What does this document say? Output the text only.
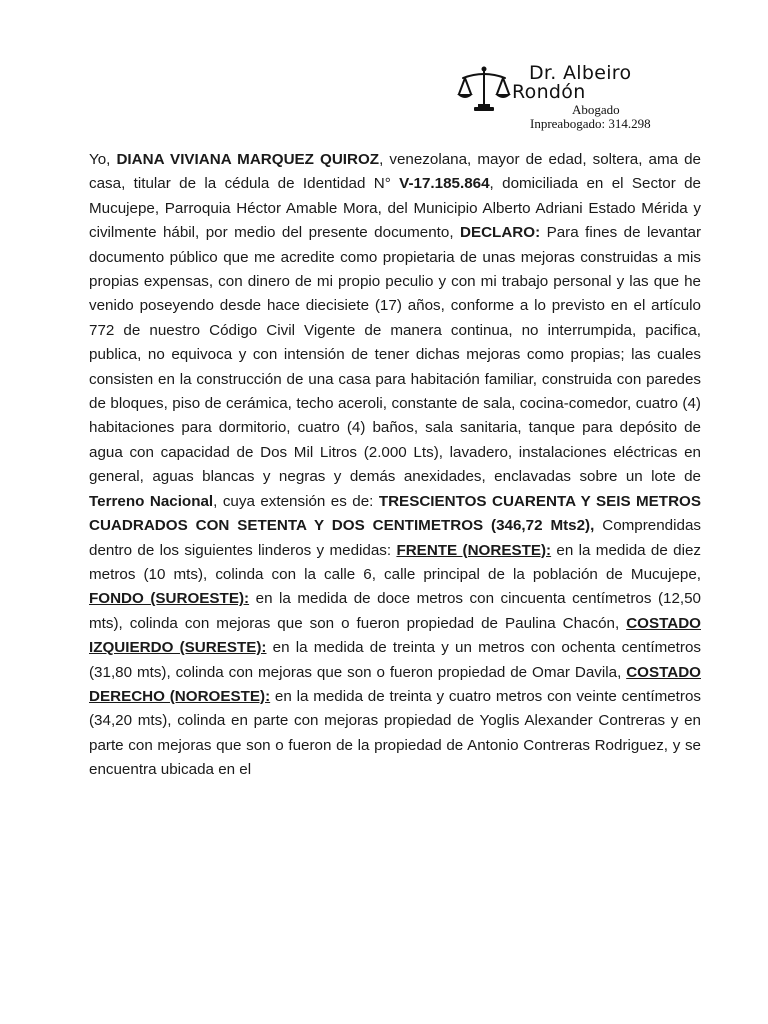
Dr. Albeiro
Rondón
Abogado
Inpreabogado: 314.298

Yo, DIANA VIVIANA MARQUEZ QUIROZ, venezolana, mayor de edad, soltera, ama de casa, titular de la cédula de Identidad N° V-17.185.864, domiciliada en el Sector de Mucujepe, Parroquia Héctor Amable Mora, del Municipio Alberto Adriani Estado Mérida y civilmente hábil, por medio del presente documento, DECLARO: Para fines de levantar documento público que me acredite como propietaria de unas mejoras construidas a mis propias expensas, con dinero de mi propio peculio y con mi trabajo personal y las que he venido poseyendo desde hace diecisiete (17) años, conforme a lo previsto en el artículo 772 de nuestro Código Civil Vigente de manera continua, no interrumpida, pacifica, publica, no equivoca y con intensión de tener dichas mejoras como propias; las cuales consisten en la construcción de una casa para habitación familiar, construida con paredes de bloques, piso de cerámica, techo aceroli, constante de sala, cocina-comedor, cuatro (4) habitaciones para dormitorio, cuatro (4) baños, sala sanitaria, tanque para depósito de agua con capacidad de Dos Mil Litros (2.000 Lts), lavadero, instalaciones eléctricas en general, aguas blancas y negras y demás anexidades, enclavadas sobre un lote de Terreno Nacional, cuya extensión es de: TRESCIENTOS CUARENTA Y SEIS METROS CUADRADOS CON SETENTA Y DOS CENTIMETROS (346,72 Mts2), Comprendidas dentro de los siguientes linderos y medidas: FRENTE (NORESTE): en la medida de diez metros (10 mts), colinda con la calle 6, calle principal de la población de Mucujepe, FONDO (SUROESTE): en la medida de doce metros con cincuenta centímetros (12,50 mts), colinda con mejoras que son o fueron propiedad de Paulina Chacón, COSTADO IZQUIERDO (SURESTE): en la medida de treinta y un metros con ochenta centímetros (31,80 mts), colinda con mejoras que son o fueron propiedad de Omar Davila, COSTADO DERECHO (NOROESTE): en la medida de treinta y cuatro metros con veinte centímetros (34,20 mts), colinda en parte con mejoras propiedad de Yoglis Alexander Contreras y en parte con mejoras que son o fueron de la propiedad de Antonio Contreras Rodriguez, y se encuentra ubicada en el
